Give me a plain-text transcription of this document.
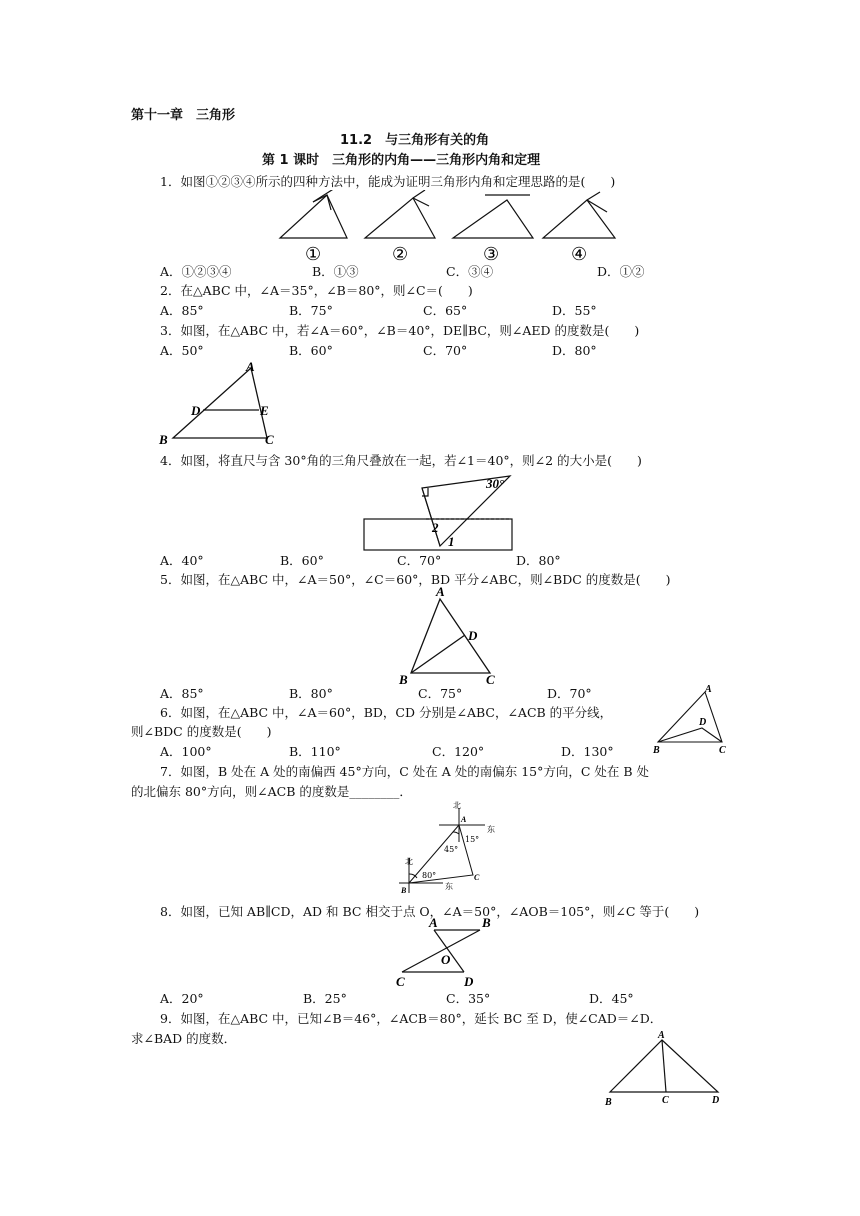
第十一章　三角形
11.2　与三角形有关的角
第 1 课时　三角形的内角——三角形内角和定理
1．如图①②③④所示的四种方法中，能成为证明三角形内角和定理思路的是(　　)
①	②	③	④
A．①②③④	B．①③	C．③④	D．①②
2．在△ABC 中，∠A＝35°，∠B＝80°，则∠C＝(　　)
A．85°	B．75°	C．65°	D．55°
3．如图，在△ABC 中，若∠A＝60°，∠B＝40°，DE∥BC，则∠AED 的度数是(　　)
A．50°	B．60°	C．70°	D．80°
A
D	E
B	C
4．如图，将直尺与含 30°角的三角尺叠放在一起，若∠1＝40°，则∠2 的大小是(　　)
30°
2
1
A．40°	B．60°	C．70°	D．80°
5．如图，在△ABC 中，∠A＝50°，∠C＝60°，BD 平分∠ABC，则∠BDC 的度数是(　　)
A
D
B	C
A．85°	B．80°	C．75°	D．70°
6．如图，在△ABC 中，∠A＝60°，BD，CD 分别是∠ABC，∠ACB 的平分线，
则∠BDC 的度数是(　　)
A
D
B	C
A．100°	B．110°	C．120°	D．130°
7．如图，B 处在 A 处的南偏西 45°方向，C 处在 A 处的南偏东 15°方向，C 处在 B 处
的北偏东 80°方向，则∠ACB 的度数是________．
北
A
东
45°
15°
北
80°
B	东
C
8．如图，已知 AB∥CD，AD 和 BC 相交于点 O，∠A＝50°，∠AOB＝105°，则∠C 等于(　　)
A	B
O
C	D
A．20°	B．25°	C．35°	D．45°
9．如图，在△ABC 中，已知∠B＝46°，∠ACB＝80°，延长 BC 至 D，使∠CAD＝∠D．
求∠BAD 的度数．	A
B	C	D
